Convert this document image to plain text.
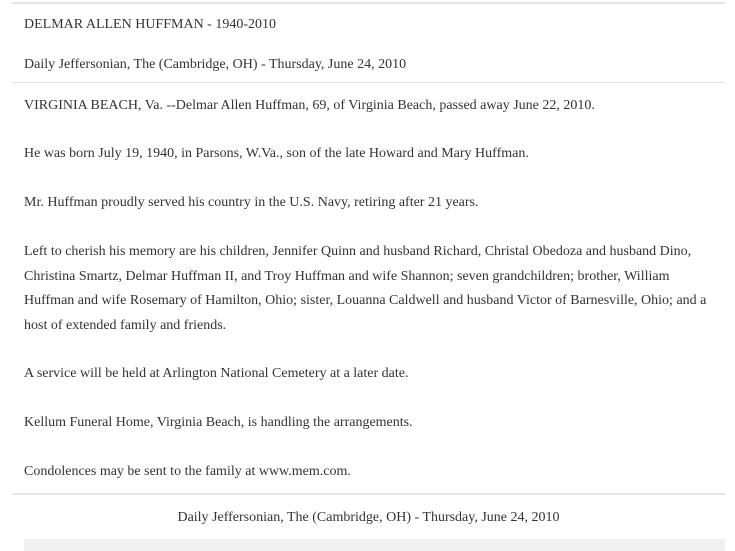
DELMAR ALLEN HUFFMAN - 1940-2010
Daily Jeffersonian, The (Cambridge, OH) - Thursday, June 24, 2010
VIRGINIA BEACH, Va. --Delmar Allen Huffman, 69, of Virginia Beach, passed away June 22, 2010.
He was born July 19, 1940, in Parsons, W.Va., son of the late Howard and Mary Huffman.
Mr. Huffman proudly served his country in the U.S. Navy, retiring after 21 years.
Left to cherish his memory are his children, Jennifer Quinn and husband Richard, Christal Obedoza and husband Dino, Christina Smartz, Delmar Huffman II, and Troy Huffman and wife Shannon; seven grandchildren; brother, William Huffman and wife Rosemary of Hamilton, Ohio; sister, Louanna Caldwell and husband Victor of Barnesville, Ohio; and a host of extended family and friends.
A service will be held at Arlington National Cemetery at a later date.
Kellum Funeral Home, Virginia Beach, is handling the arrangements.
Condolences may be sent to the family at www.mem.com.
Daily Jeffersonian, The (Cambridge, OH) - Thursday, June 24, 2010
